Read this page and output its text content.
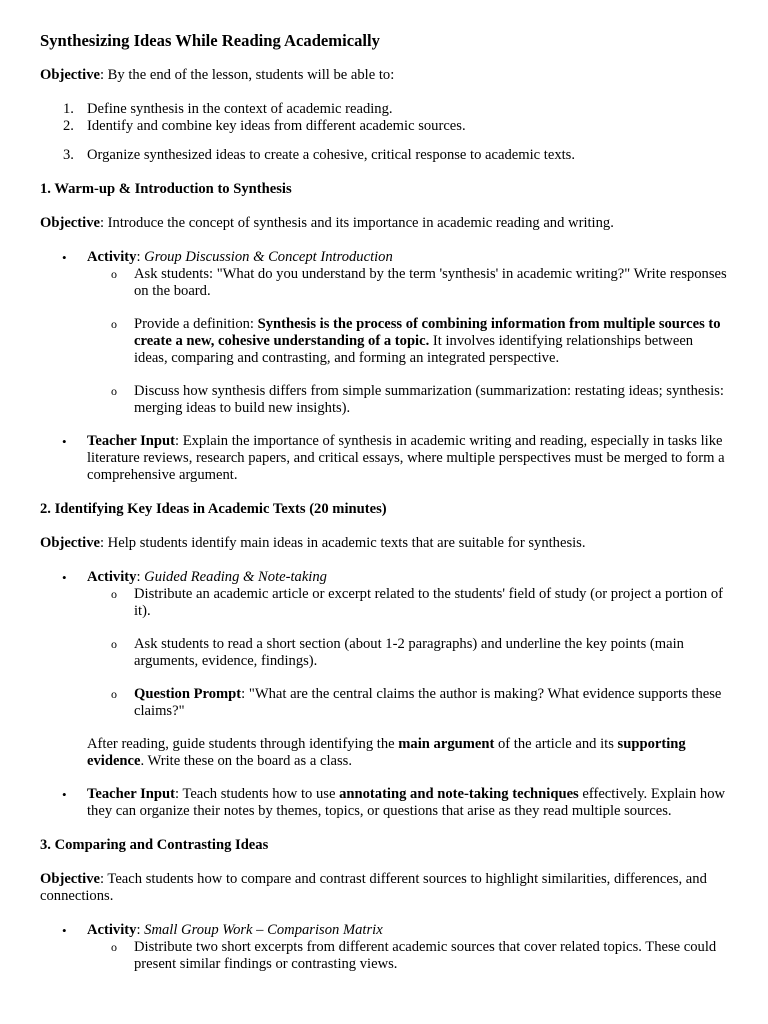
Synthesizing Ideas While Reading Academically

Objective: By the end of the lesson, students will be able to:

1. Define synthesis in the context of academic reading.
2. Identify and combine key ideas from different academic sources.
3. Organize synthesized ideas to create a cohesive, critical response to academic texts.

1. Warm-up & Introduction to Synthesis

Objective: Introduce the concept of synthesis and its importance in academic reading and writing.

• Activity: Group Discussion & Concept Introduction
o Ask students: "What do you understand by the term 'synthesis' in academic writing?" Write responses on the board.
o Provide a definition: Synthesis is the process of combining information from multiple sources to create a new, cohesive understanding of a topic. It involves identifying relationships between ideas, comparing and contrasting, and forming an integrated perspective.
o Discuss how synthesis differs from simple summarization (summarization: restating ideas; synthesis: merging ideas to build new insights).
• Teacher Input: Explain the importance of synthesis in academic writing and reading, especially in tasks like literature reviews, research papers, and critical essays, where multiple perspectives must be merged to form a comprehensive argument.

2. Identifying Key Ideas in Academic Texts (20 minutes)

Objective: Help students identify main ideas in academic texts that are suitable for synthesis.

• Activity: Guided Reading & Note-taking
o Distribute an academic article or excerpt related to the students' field of study (or project a portion of it).
o Ask students to read a short section (about 1-2 paragraphs) and underline the key points (main arguments, evidence, findings).
o Question Prompt: "What are the central claims the author is making? What evidence supports these claims?"

After reading, guide students through identifying the main argument of the article and its supporting evidence. Write these on the board as a class.

• Teacher Input: Teach students how to use annotating and note-taking techniques effectively. Explain how they can organize their notes by themes, topics, or questions that arise as they read multiple sources.

3. Comparing and Contrasting Ideas

Objective: Teach students how to compare and contrast different sources to highlight similarities, differences, and connections.

• Activity: Small Group Work – Comparison Matrix
o Distribute two short excerpts from different academic sources that cover related topics. These could present similar findings or contrasting views.
